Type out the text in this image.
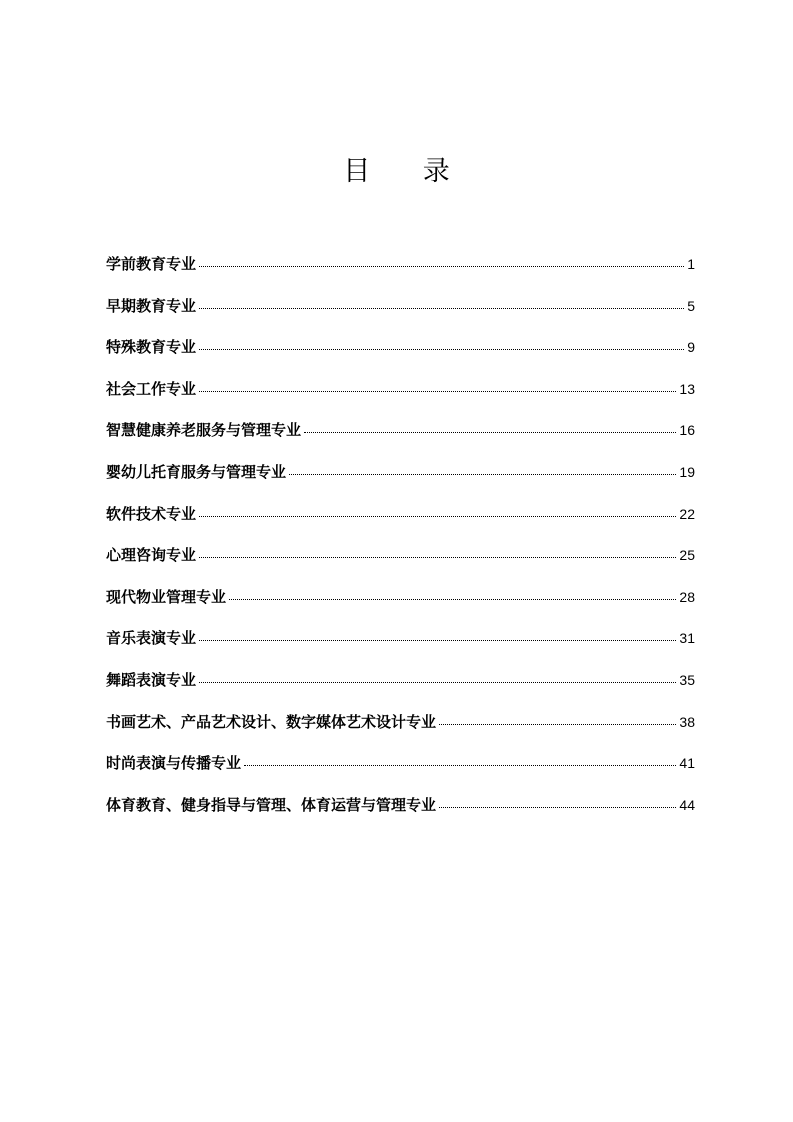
目 录
学前教育专业	1
早期教育专业	5
特殊教育专业	9
社会工作专业	13
智慧健康养老服务与管理专业	16
婴幼儿托育服务与管理专业	19
软件技术专业	22
心理咨询专业	25
现代物业管理专业	28
音乐表演专业	31
舞蹈表演专业	35
书画艺术、产品艺术设计、数字媒体艺术设计专业	38
时尚表演与传播专业	41
体育教育、健身指导与管理、体育运营与管理专业	44
